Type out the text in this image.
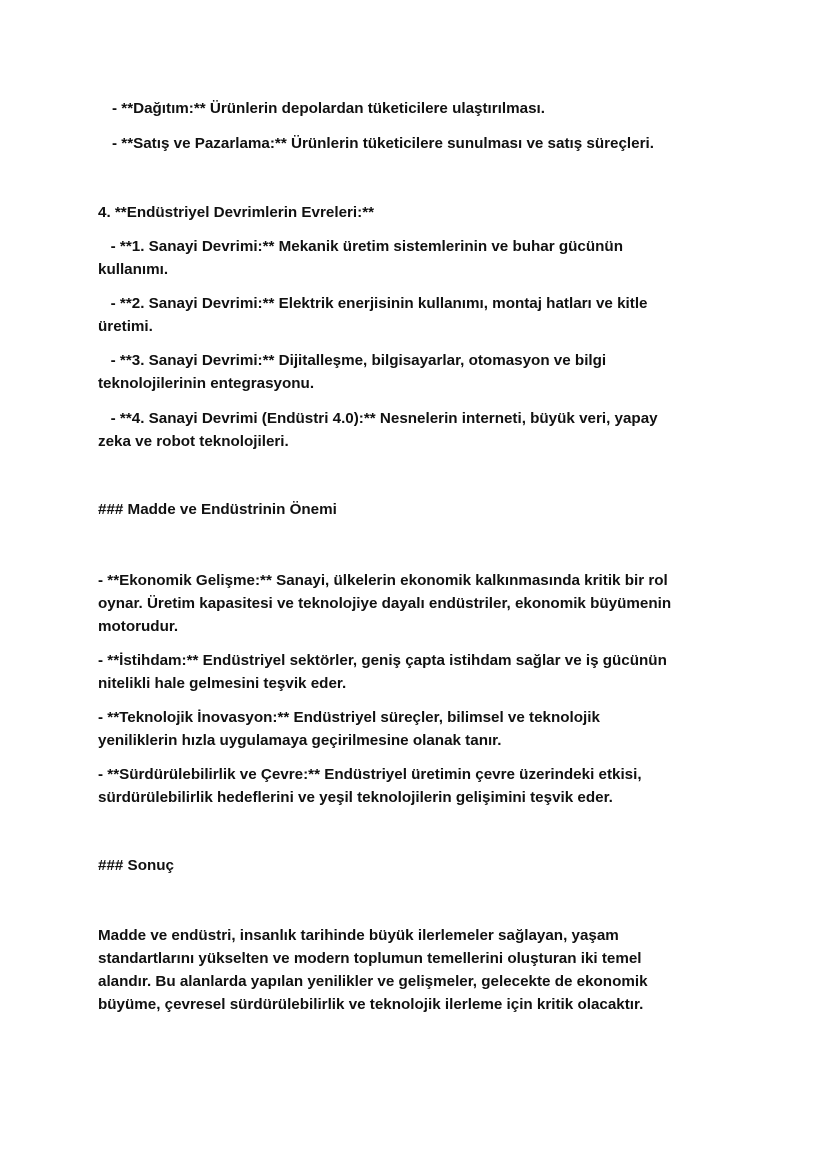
- **Dağıtım:** Ürünlerin depolardan tüketicilere ulaştırılması.

- **Satış ve Pazarlama:** Ürünlerin tüketicilere sunulması ve satış süreçleri.

4. **Endüstriyel Devrimlerin Evreleri:**

- **1. Sanayi Devrimi:** Mekanik üretim sistemlerinin ve buhar gücünün

kullanımı.

- **2. Sanayi Devrimi:** Elektrik enerjisinin kullanımı, montaj hatları ve kitle

üretimi.

- **3. Sanayi Devrimi:** Dijitalleşme, bilgisayarlar, otomasyon ve bilgi

teknolojilerinin entegrasyonu.

- **4. Sanayi Devrimi (Endüstri 4.0):** Nesnelerin interneti, büyük veri, yapay

zeka ve robot teknolojileri.

### Madde ve Endüstrinin Önemi

- **Ekonomik Gelişme:** Sanayi, ülkelerin ekonomik kalkınmasında kritik bir rol

oynar. Üretim kapasitesi ve teknolojiye dayalı endüstriler, ekonomik büyümenin

motorudur.

- **İstihdam:** Endüstriyel sektörler, geniş çapta istihdam sağlar ve iş gücünün

nitelikli hale gelmesini teşvik eder.

- **Teknolojik İnovasyon:** Endüstriyel süreçler, bilimsel ve teknolojik

yeniliklerin hızla uygulamaya geçirilmesine olanak tanır.

- **Sürdürülebilirlik ve Çevre:** Endüstriyel üretimin çevre üzerindeki etkisi,

sürdürülebilirlik hedeflerini ve yeşil teknolojilerin gelişimini teşvik eder.

### Sonuç

Madde ve endüstri, insanlık tarihinde büyük ilerlemeler sağlayan, yaşam

standartlarını yükselten ve modern toplumun temellerini oluşturan iki temel

alandır. Bu alanlarda yapılan yenilikler ve gelişmeler, gelecekte de ekonomik

büyüme, çevresel sürdürülebilirlik ve teknolojik ilerleme için kritik olacaktır.
